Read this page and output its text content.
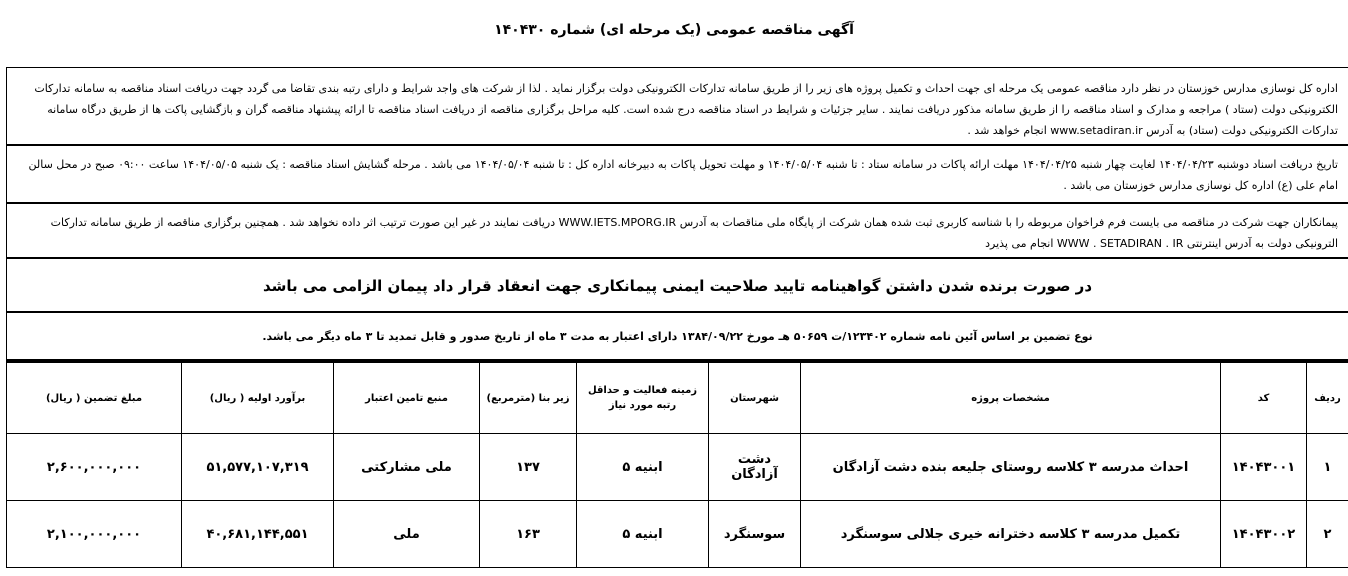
آگهی مناقصه عمومی (یک مرحله ای) شماره ۱۴۰۴۳۰
اداره کل نوسازی مدارس خوزستان در نظر دارد مناقصه عمومی یک مرحله ای جهت احداث و تکمیل پروژه های زیر را از طریق سامانه تدارکات الکترونیکی دولت برگزار نماید . لذا از شرکت های واجد شرایط و دارای رتبه بندی تقاضا می گردد جهت دریافت اسناد مناقصه به سامانه تدارکات الکترونیکی دولت (ستاد ) مراجعه و مدارک و اسناد مناقصه را از طریق سامانه مذکور دریافت نمایند . سایر جزئیات و شرایط در اسناد مناقصه درج شده است. کلیه مراحل برگزاری مناقصه از دریافت اسناد مناقصه تا ارائه پیشنهاد مناقصه گران و بازگشایی پاکت ها از طریق درگاه سامانه تدارکات الکترونیکی دولت (ستاد) به آدرس www.setadiran.ir انجام خواهد شد .
تاریخ دریافت اسناد دوشنبه ۱۴۰۴/۰۴/۲۳ لغایت چهار شنبه ۱۴۰۴/۰۴/۲۵ مهلت ارائه پاکات در سامانه ستاد : تا شنبه ۱۴۰۴/۰۵/۰۴ و مهلت تحویل پاکات به دبیرخانه اداره کل : تا شنبه ۱۴۰۴/۰۵/۰۴ می باشد . مرحله گشایش اسناد مناقصه : یک شنبه ۱۴۰۴/۰۵/۰۵ ساعت ۰۹:۰۰ صبح در محل سالن امام علی (ع) اداره کل نوسازی مدارس خوزستان می باشد .
پیمانکاران جهت شرکت در مناقصه می بایست فرم فراخوان مربوطه را با شناسه کاربری ثبت شده همان شرکت از پایگاه ملی مناقصات به آدرس WWW.IETS.MPORG.IR دریافت نمایند در غیر این صورت ترتیب اثر داده نخواهد شد . همچنین برگزاری مناقصه از طریق سامانه تدارکات الترونیکی دولت به آدرس اینترنتی WWW . SETADIRAN . IR انجام می پذیرد
در صورت برنده شدن داشتن گواهینامه تایید صلاحیت ایمنی پیمانکاری جهت انعقاد قرار داد پیمان الزامی می باشد
نوع تضمین بر اساس آئین نامه شماره ۱۲۳۴۰۲/ت ۵۰۶۵۹ هـ مورخ ۱۳۸۴/۰۹/۲۲ دارای اعتبار به مدت ۳ ماه از تاریخ صدور و قابل تمدید تا ۳ ماه دیگر می باشد.
ردیف	کد	مشخصات پروژه	شهرستان	زمینه فعالیت و حداقل رتبه مورد نیاز	زیر بنا (مترمربع)	منبع تامین اعتبار	برآورد اولیه ( ریال)	مبلغ تضمین ( ریال)
۱	۱۴۰۴۳۰۰۱	احداث مدرسه ۳ کلاسه روستای جلیعه بنده دشت آزادگان	دشت آزادگان	ابنیه ۵	۱۳۷	ملی مشارکتی	۵۱,۵۷۷,۱۰۷,۳۱۹	۲,۶۰۰,۰۰۰,۰۰۰
۲	۱۴۰۴۳۰۰۲	تکمیل مدرسه ۳ کلاسه دخترانه خیری جلالی سوسنگرد	سوسنگرد	ابنیه ۵	۱۶۳	ملی	۴۰,۶۸۱,۱۴۴,۵۵۱	۲,۱۰۰,۰۰۰,۰۰۰
